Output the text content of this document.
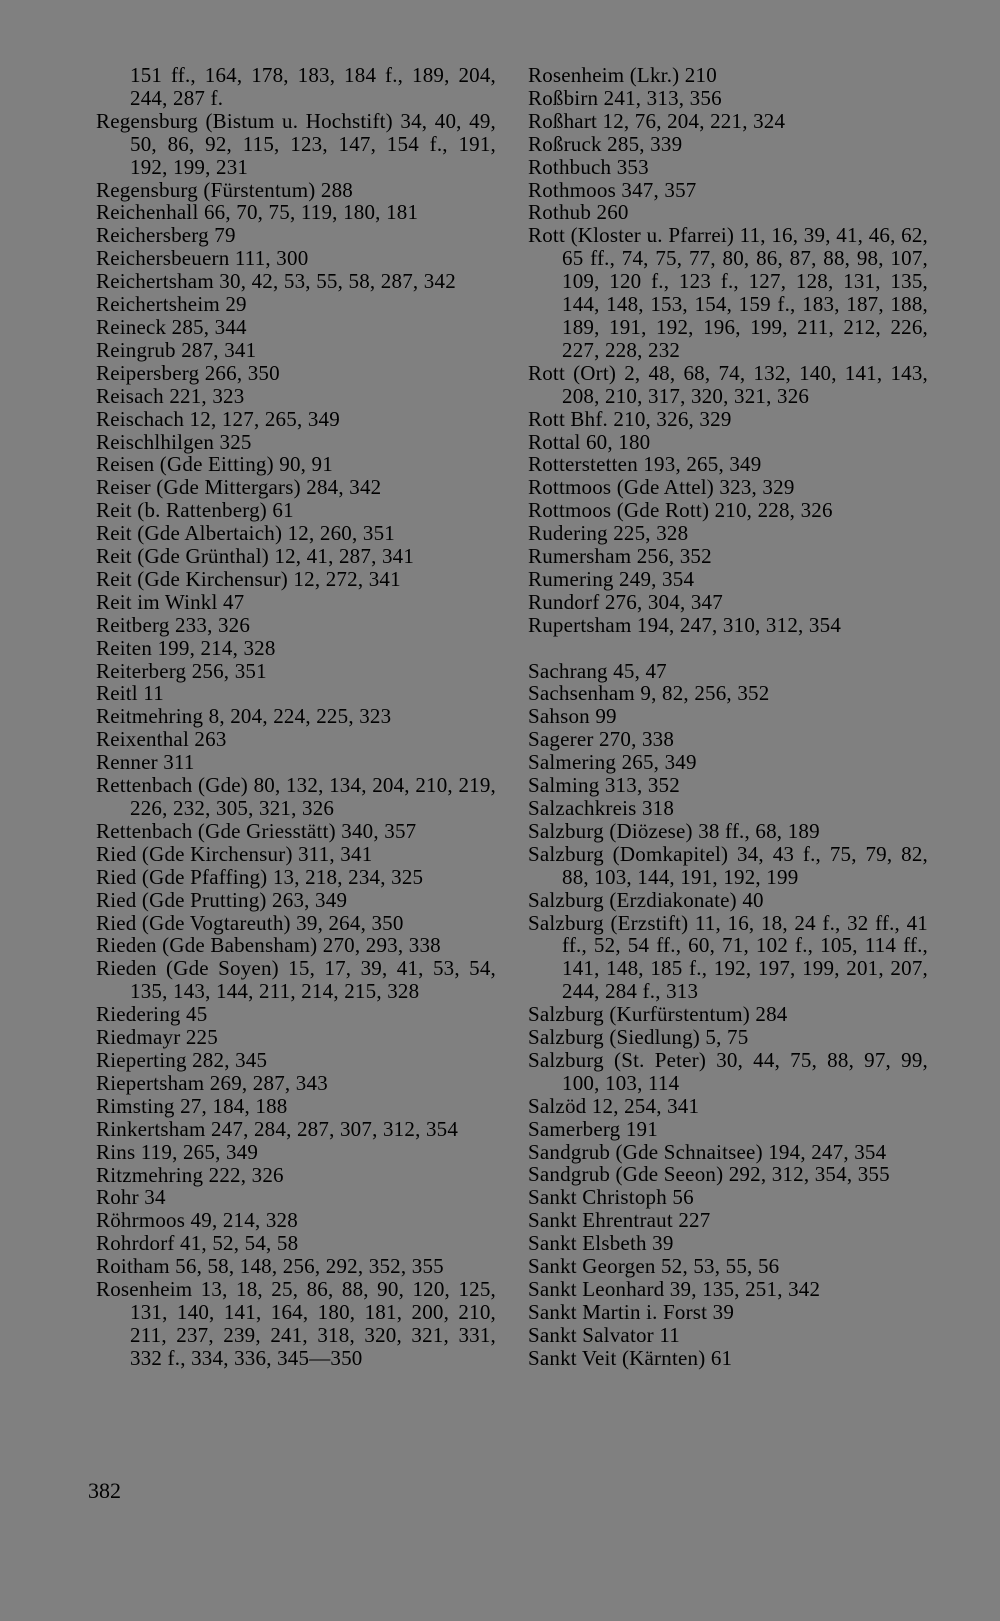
151 ff., 164, 178, 183, 184 f., 189, 204, 244, 287 f.
Regensburg (Bistum u. Hochstift) 34, 40, 49, 50, 86, 92, 115, 123, 147, 154 f., 191, 192, 199, 231
Regensburg (Fürstentum) 288
Reichenhall 66, 70, 75, 119, 180, 181
Reichersberg 79
Reichersbeuern 111, 300
Reichertsham 30, 42, 53, 55, 58, 287, 342
Reichertsheim 29
Reineck 285, 344
Reingrub 287, 341
Reipersberg 266, 350
Reisach 221, 323
Reischach 12, 127, 265, 349
Reischlhilgen 325
Reisen (Gde Eitting) 90, 91
Reiser (Gde Mittergars) 284, 342
Reit (b. Rattenberg) 61
Reit (Gde Albertaich) 12, 260, 351
Reit (Gde Grünthal) 12, 41, 287, 341
Reit (Gde Kirchensur) 12, 272, 341
Reit im Winkl 47
Reitberg 233, 326
Reiten 199, 214, 328
Reiterberg 256, 351
Reitl 11
Reitmehring 8, 204, 224, 225, 323
Reixenthal 263
Renner 311
Rettenbach (Gde) 80, 132, 134, 204, 210, 219, 226, 232, 305, 321, 326
Rettenbach (Gde Griesstätt) 340, 357
Ried (Gde Kirchensur) 311, 341
Ried (Gde Pfaffing) 13, 218, 234, 325
Ried (Gde Prutting) 263, 349
Ried (Gde Vogtareuth) 39, 264, 350
Rieden (Gde Babensham) 270, 293, 338
Rieden (Gde Soyen) 15, 17, 39, 41, 53, 54, 135, 143, 144, 211, 214, 215, 328
Riedering 45
Riedmayr 225
Rieperting 282, 345
Riepertsham 269, 287, 343
Rimsting 27, 184, 188
Rinkertsham 247, 284, 287, 307, 312, 354
Rins 119, 265, 349
Ritzmehring 222, 326
Rohr 34
Röhrmoos 49, 214, 328
Rohrdorf 41, 52, 54, 58
Roitham 56, 58, 148, 256, 292, 352, 355
Rosenheim 13, 18, 25, 86, 88, 90, 120, 125, 131, 140, 141, 164, 180, 181, 200, 210, 211, 237, 239, 241, 318, 320, 321, 331, 332 f., 334, 336, 345—350
Rosenheim (Lkr.) 210
Roßbirn 241, 313, 356
Roßhart 12, 76, 204, 221, 324
Roßruck 285, 339
Rothbuch 353
Rothmoos 347, 357
Rothub 260
Rott (Kloster u. Pfarrei) 11, 16, 39, 41, 46, 62, 65 ff., 74, 75, 77, 80, 86, 87, 88, 98, 107, 109, 120 f., 123 f., 127, 128, 131, 135, 144, 148, 153, 154, 159 f., 183, 187, 188, 189, 191, 192, 196, 199, 211, 212, 226, 227, 228, 232
Rott (Ort) 2, 48, 68, 74, 132, 140, 141, 143, 208, 210, 317, 320, 321, 326
Rott Bhf. 210, 326, 329
Rottal 60, 180
Rotterstetten 193, 265, 349
Rottmoos (Gde Attel) 323, 329
Rottmoos (Gde Rott) 210, 228, 326
Rudering 225, 328
Rumersham 256, 352
Rumering 249, 354
Rundorf 276, 304, 347
Rupertsham 194, 247, 310, 312, 354
Sachrang 45, 47
Sachsenham 9, 82, 256, 352
Sahson 99
Sagerer 270, 338
Salmering 265, 349
Salming 313, 352
Salzachkreis 318
Salzburg (Diözese) 38 ff., 68, 189
Salzburg (Domkapitel) 34, 43 f., 75, 79, 82, 88, 103, 144, 191, 192, 199
Salzburg (Erzdiakonate) 40
Salzburg (Erzstift) 11, 16, 18, 24 f., 32 ff., 41 ff., 52, 54 ff., 60, 71, 102 f., 105, 114 ff., 141, 148, 185 f., 192, 197, 199, 201, 207, 244, 284 f., 313
Salzburg (Kurfürstentum) 284
Salzburg (Siedlung) 5, 75
Salzburg (St. Peter) 30, 44, 75, 88, 97, 99, 100, 103, 114
Salzöd 12, 254, 341
Samerberg 191
Sandgrub (Gde Schnaitsee) 194, 247, 354
Sandgrub (Gde Seeon) 292, 312, 354, 355
Sankt Christoph 56
Sankt Ehrentraut 227
Sankt Elsbeth 39
Sankt Georgen 52, 53, 55, 56
Sankt Leonhard 39, 135, 251, 342
Sankt Martin i. Forst 39
Sankt Salvator 11
Sankt Veit (Kärnten) 61
382
